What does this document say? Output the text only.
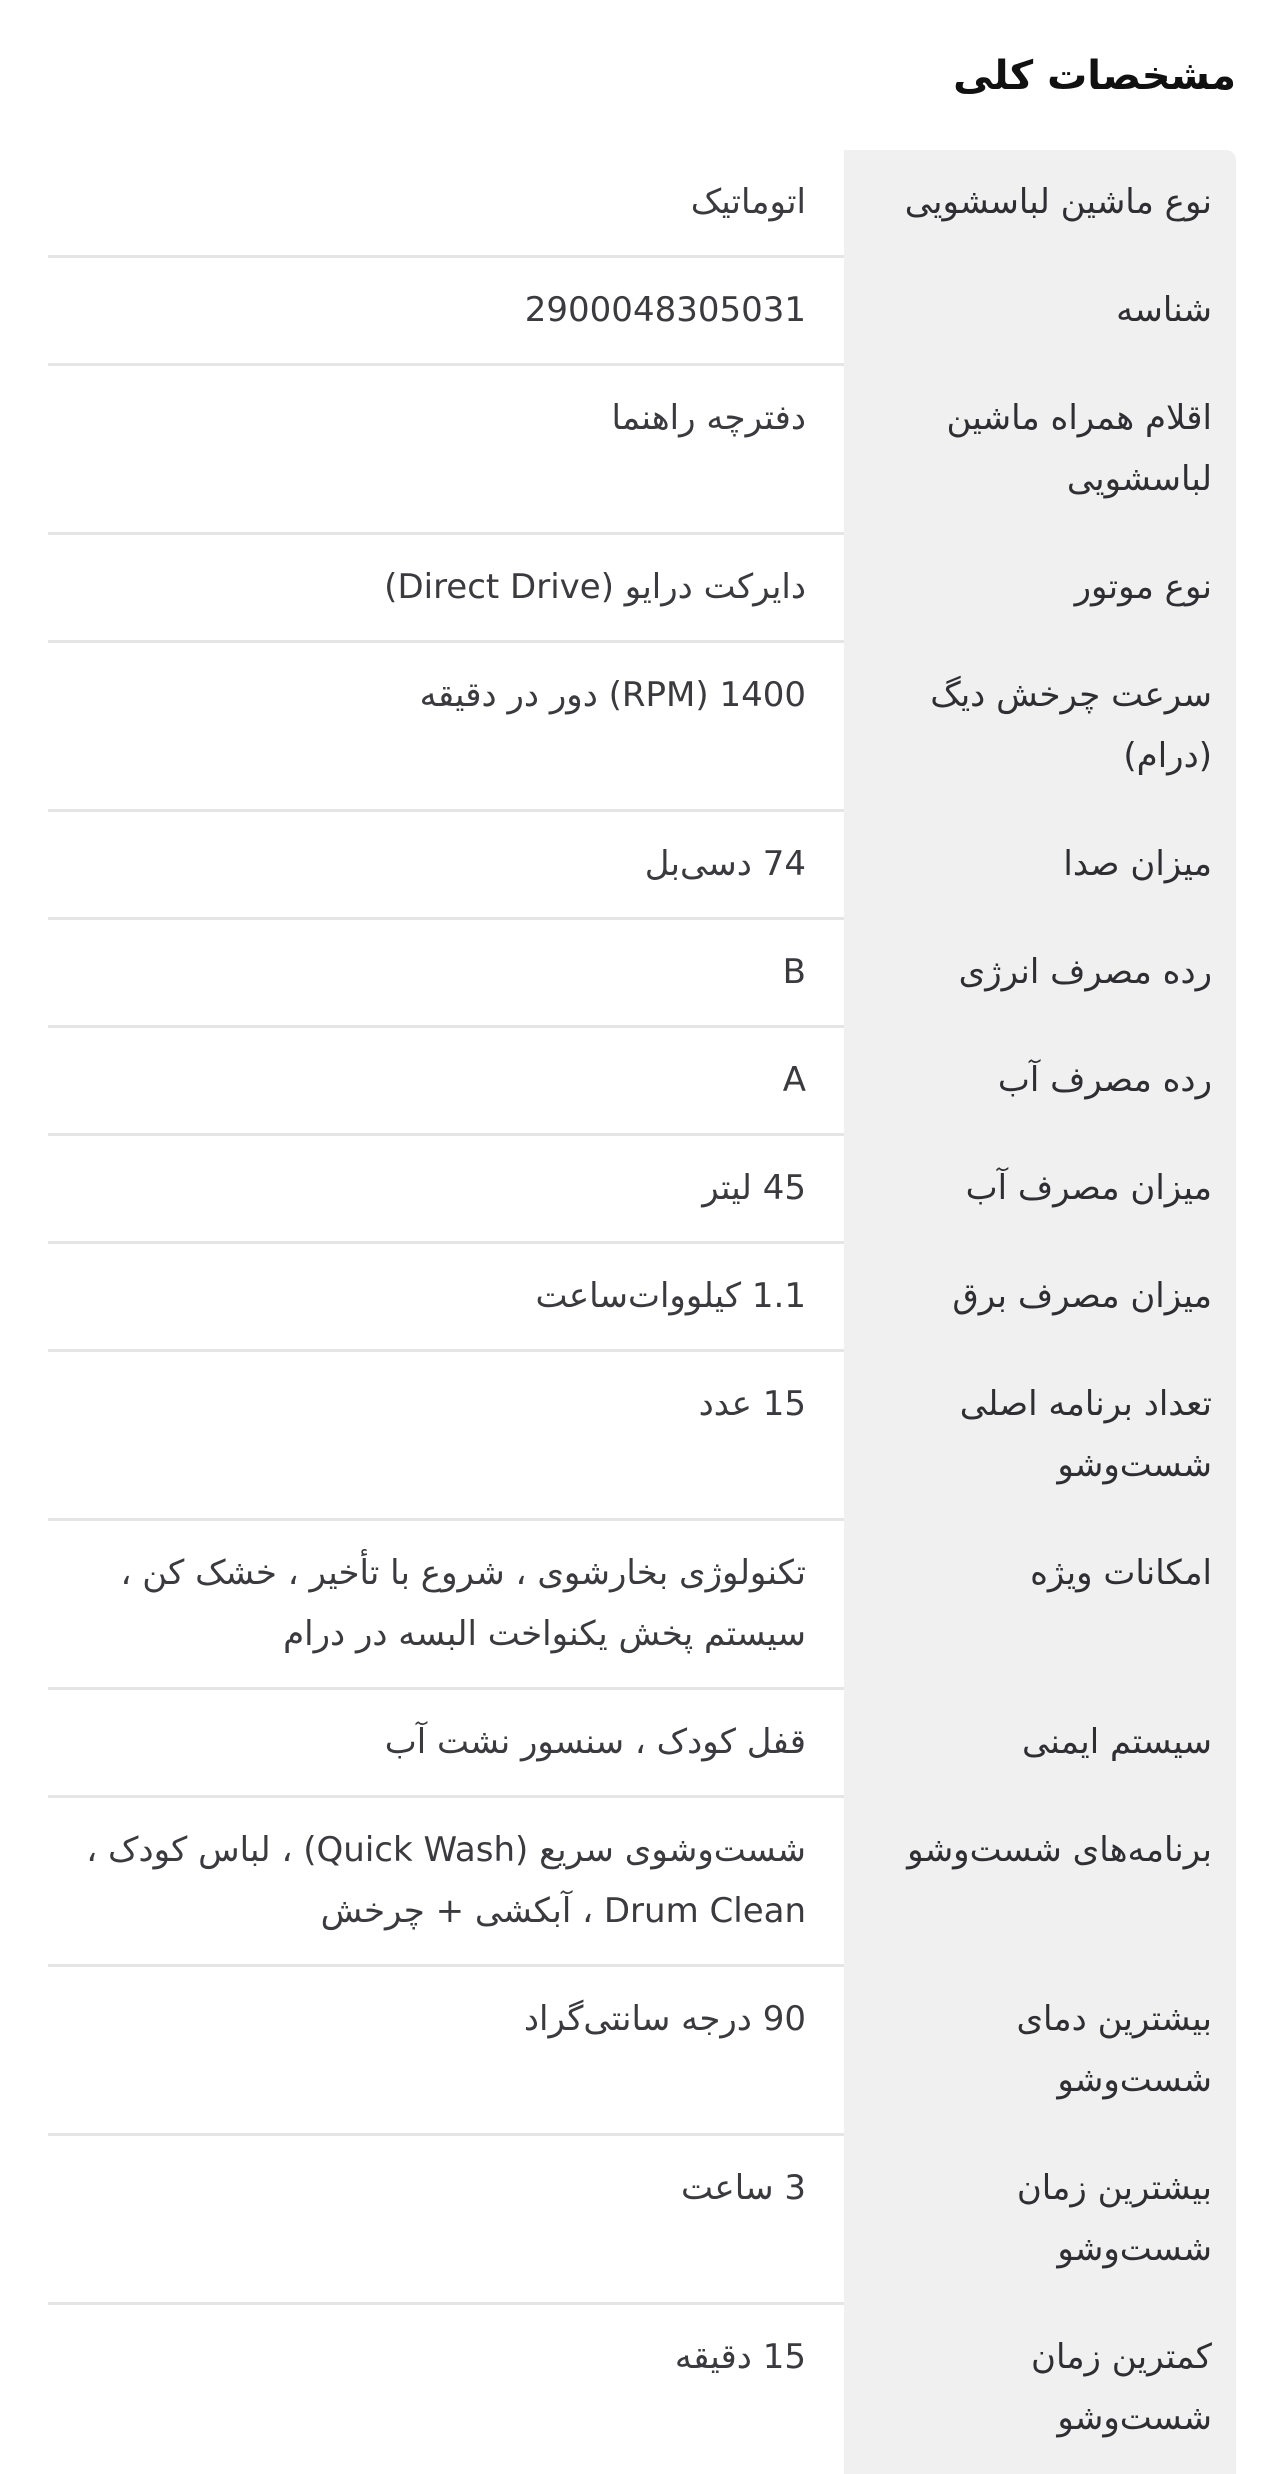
مشخصات کلی
نوع ماشین لباسشویی
اتوماتیک
شناسه
2900048305031
اقلام همراه ماشین لباسشویی
دفترچه راهنما
نوع موتور
دایرکت درایو (Direct Drive)
سرعت چرخش دیگ (درام)
1400 (RPM) دور در دقیقه
میزان صدا
74 دسی‌بل
رده مصرف انرژی
B
رده مصرف آب
A
میزان مصرف آب
45 لیتر
میزان مصرف برق
1.1 کیلووات‌ساعت
تعداد برنامه اصلی شست‌وشو
15 عدد
امکانات ویژه
تکنولوژی بخارشوی ، شروع با تأخیر ، خشک کن ، سیستم پخش یکنواخت البسه در درام
سیستم ایمنی
قفل کودک ، سنسور نشت آب
برنامه‌های شست‌وشو
شست‌وشوی سریع (Quick Wash) ، لباس کودک ، Drum Clean ، آبکشی + چرخش
بیشترین دمای شست‌وشو
90 درجه سانتی‌گراد
بیشترین زمان شست‌وشو
3 ساعت
کمترین زمان شست‌وشو
15 دقیقه
